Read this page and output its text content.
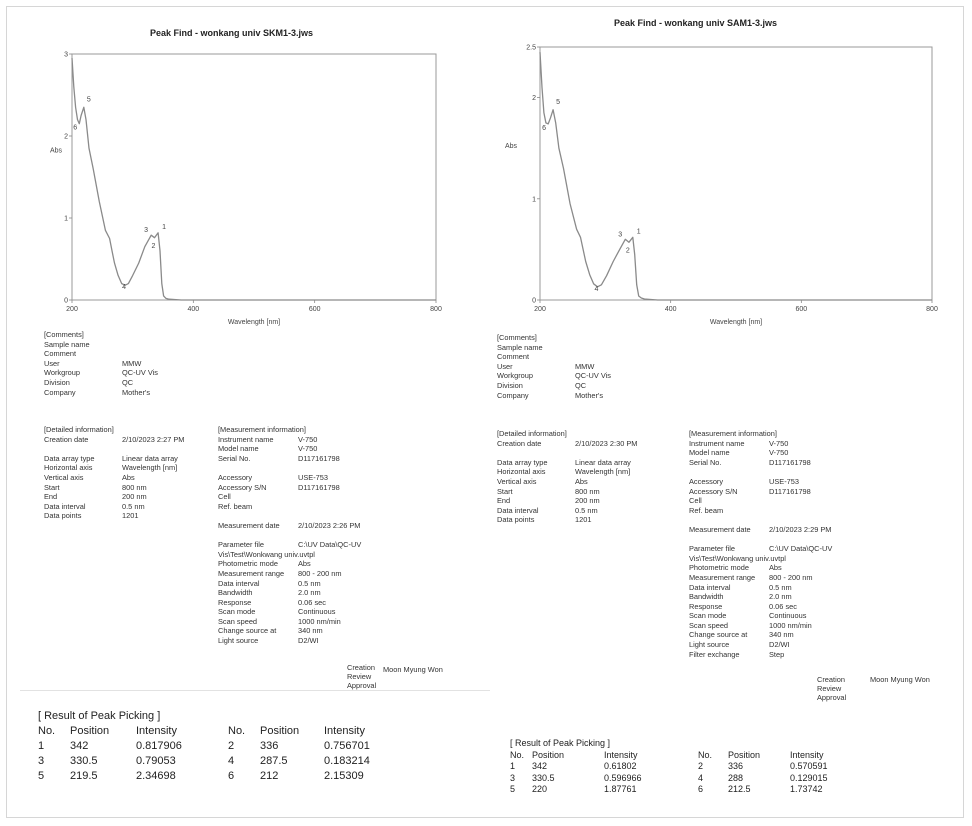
Peak Find - wonkang univ SKM1-3.jws
200	400	600	800
0
1
2
3
Wavelength [nm]
Abs
1
2
3
4
5
6
[Comments]
Sample name
Comment
User	MMW
Workgroup	QC-UV Vis
Division	QC
Company	Mother's
[Detailed information]
Creation date	2/10/2023 2:27 PM
Data array type	Linear data array
Horizontal axis	Wavelength [nm]
Vertical axis	Abs
Start	800 nm
End	200 nm
Data interval	0.5 nm
Data points	1201
[Measurement information]
Instrument name	V-750
Model name	V-750
Serial No.	D117161798
Accessory	USE-753
Accessory S/N	D117161798
Cell
Ref. beam
Measurement date 2/10/2023 2:26 PM
Parameter file	C:\UV Data\QC-UV
Vis\Test\Wonkwang univ.uvtpl
Photometric mode	Abs
Measurement range 800 - 200 nm
Data interval	0.5 nm
Bandwidth	2.0 nm
Response	0.06 sec
Scan mode	Continuous
Scan speed	1000 nm/min
Change source at	340 nm
Light source	D2/WI
Creation
Review
Approval
Moon Myung Won
[ Result of Peak Picking ]
No. Position Intensity	No. Position Intensity
1 342	0.817906	2 336	0.756701
3 330.5	0.79053	4 287.5	0.183214
5 219.5	2.34698	6 212	2.15309
Peak Find - wonkang univ SAM1-3.jws
200	400	600	800
0
1
2
2.5
Wavelength [nm]
Abs
1
2
3
4
5
6
[Comments]
Sample name
Comment
User	MMW
Workgroup	QC-UV Vis
Division	QC
Company	Mother's
[Detailed information]
Creation date	2/10/2023 2:30 PM
Data array type	Linear data array
Horizontal axis	Wavelength [nm]
Vertical axis	Abs
Start	800 nm
End	200 nm
Data interval	0.5 nm
Data points	1201
[Measurement information]
Instrument name	V-750
Model name	V-750
Serial No.	D117161798
Accessory	USE-753
Accessory S/N	D117161798
Cell
Ref. beam
Measurement date 2/10/2023 2:29 PM
Parameter file	C:\UV Data\QC-UV
Vis\Test\Wonkwang univ.uvtpl
Photometric mode	Abs
Measurement range 800 - 200 nm
Data interval	0.5 nm
Bandwidth	2.0 nm
Response	0.06 sec
Scan mode	Continuous
Scan speed	1000 nm/min
Change source at	340 nm
Light source	D2/WI
Filter exchange	Step
Creation
Review
Approval
Moon Myung Won
[ Result of Peak Picking ]
No. Position	Intensity	No. Position	Intensity
1 342	0.61802	2	336	0.570591
3 330.5	0.596966	4	288	0.129015
5 220	1.87761	6	212.5	1.73742
